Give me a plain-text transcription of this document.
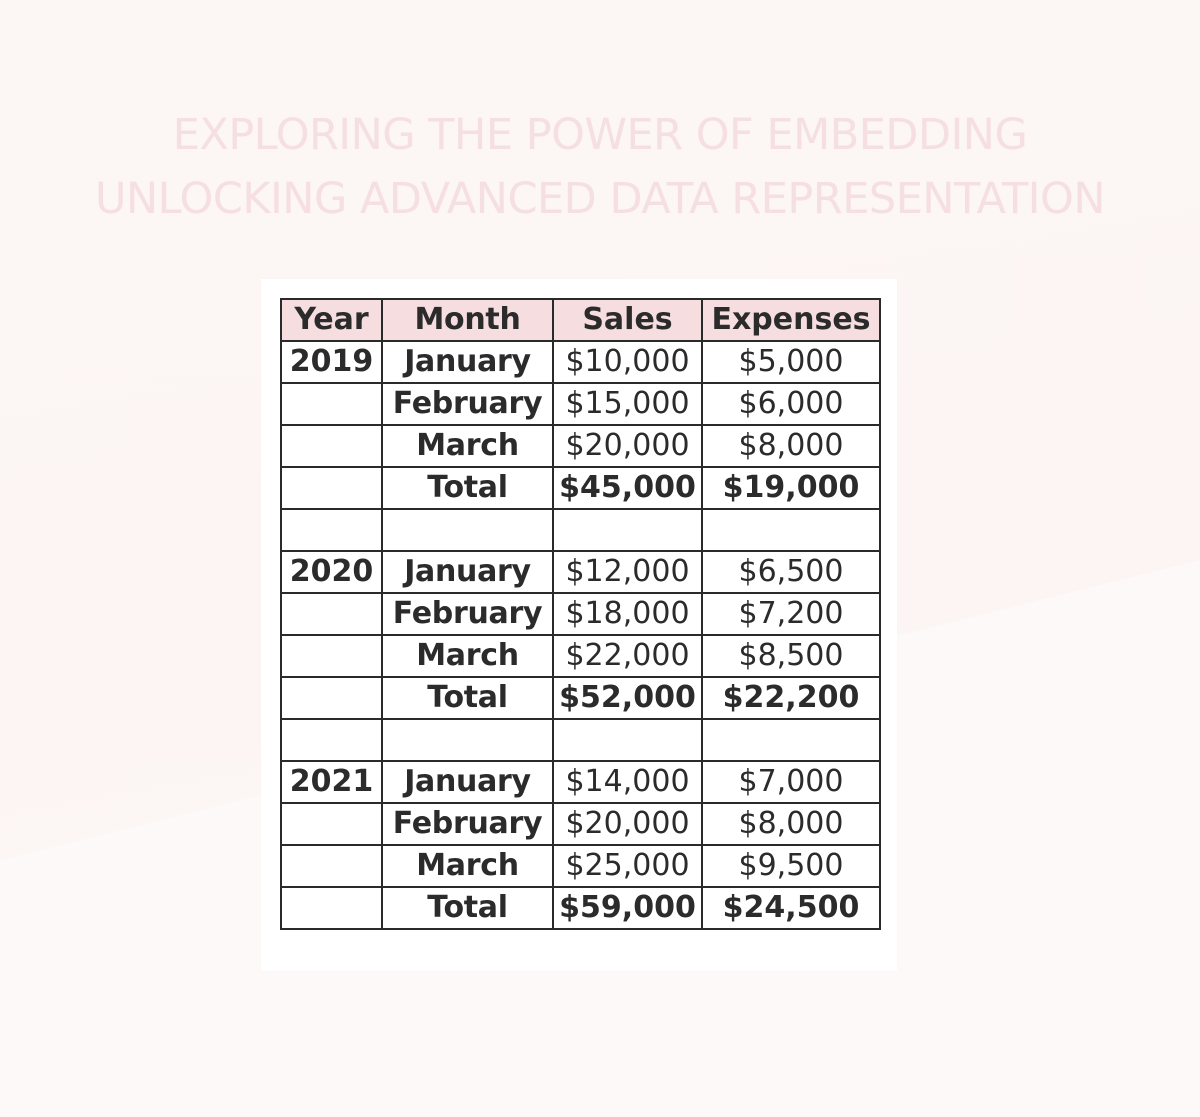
EXPLORING THE POWER OF EMBEDDING
UNLOCKING ADVANCED DATA REPRESENTATION
Year	Month	Sales	Expenses
2019	January	$10,000	$5,000
	February	$15,000	$6,000
	March	$20,000	$8,000
	Total	$45,000	$19,000

2020	January	$12,000	$6,500
	February	$18,000	$7,200
	March	$22,000	$8,500
	Total	$52,000	$22,200

2021	January	$14,000	$7,000
	February	$20,000	$8,000
	March	$25,000	$9,500
	Total	$59,000	$24,500
